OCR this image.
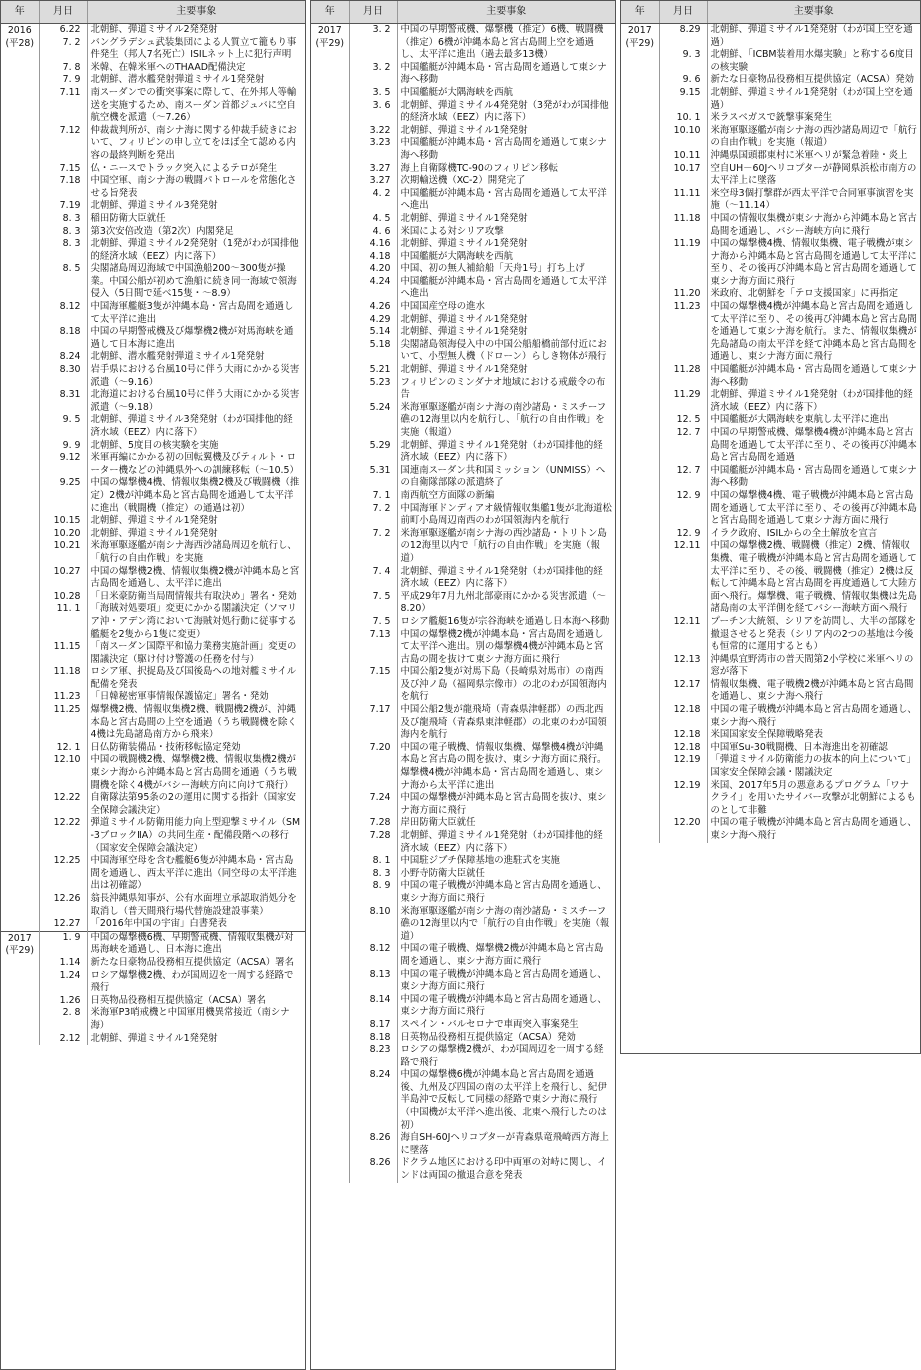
年	月日	主要事象

2016
(平28)	6.22	北朝鮮、弾道ミサイル2発発射
	7. 2	バングラデシュ武装集団による人質立て籠もり事件発生（邦人7名死亡）ISILネット上に犯行声明
	7. 8	米韓、在韓米軍へのTHAAD配備決定
	7. 9	北朝鮮、潜水艦発射弾道ミサイル1発発射
	7.11	南スーダンでの衝突事案に際して、在外邦人等輸送を実施するため、南スーダン首都ジュバに空自航空機を派遣（～7.26）
	7.12	仲裁裁判所が、南シナ海に関する仲裁手続きにおいて、フィリピンの申し立てをほぼ全て認める内容の最終判断を発出
	7.15	仏・ニースでトラック突入によるテロが発生
	7.18	中国空軍、南シナ海の戦闘パトロールを常態化させる旨発表
	7.19	北朝鮮、弾道ミサイル3発発射
	8. 3	稲田防衛大臣就任
	8. 3	第3次安倍改造（第2次）内閣発足
	8. 3	北朝鮮、弾道ミサイル2発発射（1発がわが国排他的経済水域（EEZ）内に落下）
	8. 5	尖閣諸島周辺海域で中国漁船200～300隻が操業。中国公船が初めて漁船に続き同一海域で領海侵入（5日間で延べ15隻・～8.9）
	8.12	中国海軍艦艇3隻が沖縄本島・宮古島間を通過して太平洋に進出
	8.18	中国の早期警戒機及び爆撃機2機が対馬海峡を通過して日本海に進出
	8.24	北朝鮮、潜水艦発射弾道ミサイル1発発射
	8.30	岩手県における台風10号に伴う大雨にかかる災害派遣（～9.16）
	8.31	北海道における台風10号に伴う大雨にかかる災害派遣（～9.18）
	9. 5	北朝鮮、弾道ミサイル3発発射（わが国排他的経済水域（EEZ）内に落下）
	9. 9	北朝鮮、5度目の核実験を実施
	9.12	米軍再編にかかる初の回転翼機及びティルト・ローター機などの沖縄県外への訓練移転（～10.5）
	9.25	中国の爆撃機4機、情報収集機2機及び戦闘機（推定）2機が沖縄本島と宮古島間を通過して太平洋に進出（戦闘機（推定）の通過は初）
	10.15	北朝鮮、弾道ミサイル1発発射
	10.20	北朝鮮、弾道ミサイル1発発射
	10.21	米海軍駆逐艦が南シナ海西沙諸島周辺を航行し、「航行の自由作戦」を実施
	10.27	中国の爆撃機2機、情報収集機2機が沖縄本島と宮古島間を通過し、太平洋に進出
	10.28	「日米豪防衛当局間情報共有取決め」署名・発効
	11. 1	「海賊対処要項」変更にかかる閣議決定（ソマリア沖・アデン湾において海賊対処行動に従事する艦艇を2隻から1隻に変更）
	11.15	「南スーダン国際平和協力業務実施計画」変更の閣議決定（駆け付け警護の任務を付与）
	11.18	ロシア軍、択捉島及び国後島への地対艦ミサイル配備を発表
	11.23	「日韓秘密軍事情報保護協定」署名・発効
	11.25	爆撃機2機、情報収集機2機、戦闘機2機が、沖縄本島と宮古島間の上空を通過（うち戦闘機を除く4機は先島諸島南方から飛来）
	12. 1	日仏防衛装備品・技術移転協定発効
	12.10	中国の戦闘機2機、爆撃機2機、情報収集機2機が東シナ海から沖縄本島と宮古島間を通過（うち戦闘機を除く4機がバシー海峡方向に向けて飛行）
	12.22	自衛隊法第95条の2の運用に関する指針（国家安全保障会議決定）
	12.22	弾道ミサイル防衛用能力向上型迎撃ミサイル（SM-3ブロックⅡA）の共同生産・配備段階への移行（国家安全保障会議決定）
	12.25	中国海軍空母を含む艦艇6隻が沖縄本島・宮古島間を通過し、西太平洋に進出（同空母の太平洋進出は初確認）
	12.26	翁長沖縄県知事が、公有水面埋立承認取消処分を取消し（普天間飛行場代替施設建設事業）
	12.27	「2016年中国の宇宙」白書発表

2017
(平29)	1. 9	中国の爆撃機6機、早期警戒機、情報収集機が対馬海峡を通過し、日本海に進出
	1.14	新たな日豪物品役務相互提供協定（ACSA）署名
	1.24	ロシア爆撃機2機、わが国周辺を一周する経路で飛行
	1.26	日英物品役務相互提供協定（ACSA）署名
	2. 8	米海軍P3哨戒機と中国軍用機異常接近（南シナ海）
	2.12	北朝鮮、弾道ミサイル1発発射
年	月日	主要事象

2017
(平29)	3. 2	中国の早期警戒機、爆撃機（推定）6機、戦闘機（推定）6機が沖縄本島と宮古島間上空を通過し、太平洋に進出（過去最多13機）
	3. 2	中国艦艇が沖縄本島・宮古島間を通過して東シナ海へ移動
	3. 5	中国艦艇が大隅海峡を西航
	3. 6	北朝鮮、弾道ミサイル4発発射（3発がわが国排他的経済水域（EEZ）内に落下）
	3.22	北朝鮮、弾道ミサイル1発発射
	3.23	中国艦艇が沖縄本島・宮古島間を通過して東シナ海へ移動
	3.27	海上自衛隊機TC-90のフィリピン移転
	3.27	次期輸送機（XC-2）開発完了
	4. 2	中国艦艇が沖縄本島・宮古島間を通過して太平洋へ進出
	4. 5	北朝鮮、弾道ミサイル1発発射
	4. 6	米国による対シリア攻撃
	4.16	北朝鮮、弾道ミサイル1発発射
	4.18	中国艦艇が大隅海峡を西航
	4.20	中国、初の無人補給船「天舟1号」打ち上げ
	4.24	中国艦艇が沖縄本島・宮古島間を通過して太平洋へ進出
	4.26	中国国産空母の進水
	4.29	北朝鮮、弾道ミサイル1発発射
	5.14	北朝鮮、弾道ミサイル1発発射
	5.18	尖閣諸島領海侵入中の中国公船船橋前部付近において、小型無人機（ドローン）らしき物体が飛行
	5.21	北朝鮮、弾道ミサイル1発発射
	5.23	フィリピンのミンダナオ地域における戒厳令の布告
	5.24	米海軍駆逐艦が南シナ海の南沙諸島・ミスチーフ礁の12海里以内を航行し、「航行の自由作戦」を実施（報道）
	5.29	北朝鮮、弾道ミサイル1発発射（わが国排他的経済水域（EEZ）内に落下）
	5.31	国連南スーダン共和国ミッション（UNMISS）への自衛隊部隊の派遣終了
	7. 1	南西航空方面隊の新編
	7. 2	中国海軍ドンディアオ級情報収集艦1隻が北海道松前町小島周辺南西のわが国領海内を航行
	7. 2	米海軍駆逐艦が南シナ海の西沙諸島・トリトン島の12海里以内で「航行の自由作戦」を実施（報道）
	7. 4	北朝鮮、弾道ミサイル1発発射（わが国排他的経済水域（EEZ）内に落下）
	7. 5	平成29年7月九州北部豪雨にかかる災害派遣（～8.20）
	7. 5	ロシア艦艇16隻が宗谷海峡を通過し日本海へ移動
	7.13	中国の爆撃機2機が沖縄本島・宮古島間を通過して太平洋へ進出。別の爆撃機4機が沖縄本島と宮古島の間を抜けて東シナ海方面に飛行
	7.15	中国公船2隻が対馬下島（長崎県対馬市）の南西及び沖ノ島（福岡県宗像市）の北のわが国領海内を航行
	7.17	中国公船2隻が龍飛埼（青森県津軽郡）の西北西及び龍飛埼（青森県東津軽郡）の北東のわが国領海内を航行
	7.20	中国の電子戦機、情報収集機、爆撃機4機が沖縄本島と宮古島の間を抜け、東シナ海方面に飛行。爆撃機4機が沖縄本島・宮古島間を通過し、東シナ海から太平洋に進出
	7.24	中国の爆撃機が沖縄本島と宮古島間を抜け、東シナ海方面に飛行
	7.28	岸田防衛大臣就任
	7.28	北朝鮮、弾道ミサイル1発発射（わが国排他的経済水域（EEZ）内に落下）
	8. 1	中国駐ジブチ保障基地の進駐式を実施
	8. 3	小野寺防衛大臣就任
	8. 9	中国の電子戦機が沖縄本島と宮古島間を通過し、東シナ海方面に飛行
	8.10	米海軍駆逐艦が南シナ海の南沙諸島・ミスチーフ礁の12海里以内で「航行の自由作戦」を実施（報道）
	8.12	中国の電子戦機、爆撃機2機が沖縄本島と宮古島間を通過し、東シナ海方面に飛行
	8.13	中国の電子戦機が沖縄本島と宮古島間を通過し、東シナ海方面に飛行
	8.14	中国の電子戦機が沖縄本島と宮古島間を通過し、東シナ海方面に飛行
	8.17	スペイン・バルセロナで車両突入事案発生
	8.18	日英物品役務相互提供協定（ACSA）発効
	8.23	ロシアの爆撃機2機が、わが国周辺を一周する経路で飛行
	8.24	中国の爆撃機6機が沖縄本島と宮古島間を通過後、九州及び四国の南の太平洋上を飛行し、紀伊半島沖で反転して同様の経路で東シナ海に飛行（中国機が太平洋へ進出後、北東へ飛行したのは初）
	8.26	海自SH-60Jヘリコプターが青森県竜飛崎西方海上に墜落
	8.26	ドクラム地区における印中両軍の対峙に関し、インドは両国の撤退合意を発表
年	月日	主要事象

2017
(平29)	8.29	北朝鮮、弾道ミサイル1発発射（わが国上空を通過）
	9. 3	北朝鮮、「ICBM装着用水爆実験」と称する6度目の核実験
	9. 6	新たな日豪物品役務相互提供協定（ACSA）発効
	9.15	北朝鮮、弾道ミサイル1発発射（わが国上空を通過）
	10. 1	米ラスベガスで銃撃事案発生
	10.10	米海軍駆逐艦が南シナ海の西沙諸島周辺で「航行の自由作戦」を実施（報道）
	10.11	沖縄県国頭郡東村に米軍ヘリが緊急着陸・炎上
	10.17	空自UH－60Jヘリコプターが静岡県浜松市南方の太平洋上に墜落
	11.11	米空母3個打撃群が西太平洋で合同軍事演習を実施（～11.14）
	11.18	中国の情報収集機が東シナ海から沖縄本島と宮古島間を通過し、バシー海峡方向に飛行
	11.19	中国の爆撃機4機、情報収集機、電子戦機が東シナ海から沖縄本島と宮古島間を通過して太平洋に至り、その後再び沖縄本島と宮古島間を通過して東シナ海方面に飛行
	11.20	米政府、北朝鮮を「テロ支援国家」に再指定
	11.23	中国の爆撃機4機が沖縄本島と宮古島間を通過して太平洋に至り、その後再び沖縄本島と宮古島間を通過して東シナ海を航行。また、情報収集機が先島諸島の南太平洋を経て沖縄本島と宮古島間を通過し、東シナ海方面に飛行
	11.28	中国艦艇が沖縄本島・宮古島間を通過して東シナ海へ移動
	11.29	北朝鮮、弾道ミサイル1発発射（わが国排他的経済水域（EEZ）内に落下）
	12. 5	中国艦艇が大隅海峡を東航し太平洋に進出
	12. 7	中国の早期警戒機、爆撃機4機が沖縄本島と宮古島間を通過して太平洋に至り、その後再び沖縄本島と宮古島間を通過
	12. 7	中国艦艇が沖縄本島・宮古島間を通過して東シナ海へ移動
	12. 9	中国の爆撃機4機、電子戦機が沖縄本島と宮古島間を通過して太平洋に至り、その後再び沖縄本島と宮古島間を通過して東シナ海方面に飛行
	12. 9	イラク政府、ISILからの全土解放を宣言
	12.11	中国の爆撃機2機、戦闘機（推定）2機、情報収集機、電子戦機が沖縄本島と宮古島間を通過して太平洋に至り、その後、戦闘機（推定）2機は反転して沖縄本島と宮古島間を再度通過して大陸方面へ飛行。爆撃機、電子戦機、情報収集機は先島諸島南の太平洋側を経てバシー海峡方面へ飛行
	12.11	プーチン大統領、シリアを訪問し、大半の部隊を撤退させると発表（シリア内の2つの基地は今後も恒常的に運用するとも）
	12.13	沖縄県宜野湾市の普天間第2小学校に米軍ヘリの窓が落下
	12.17	情報収集機、電子戦機2機が沖縄本島と宮古島間を通過し、東シナ海へ飛行
	12.18	中国の電子戦機が沖縄本島と宮古島間を通過し、東シナ海へ飛行
	12.18	米国国家安全保障戦略発表
	12.18	中国軍Su-30戦闘機、日本海進出を初確認
	12.19	「弾道ミサイル防衛能力の抜本的向上について」国家安全保障会議・閣議決定
	12.19	米国、2017年5月の悪意あるプログラム「ワナクライ」を用いたサイバー攻撃が北朝鮮によるものとして非難
	12.20	中国の電子戦機が沖縄本島と宮古島間を通過し、東シナ海へ飛行
